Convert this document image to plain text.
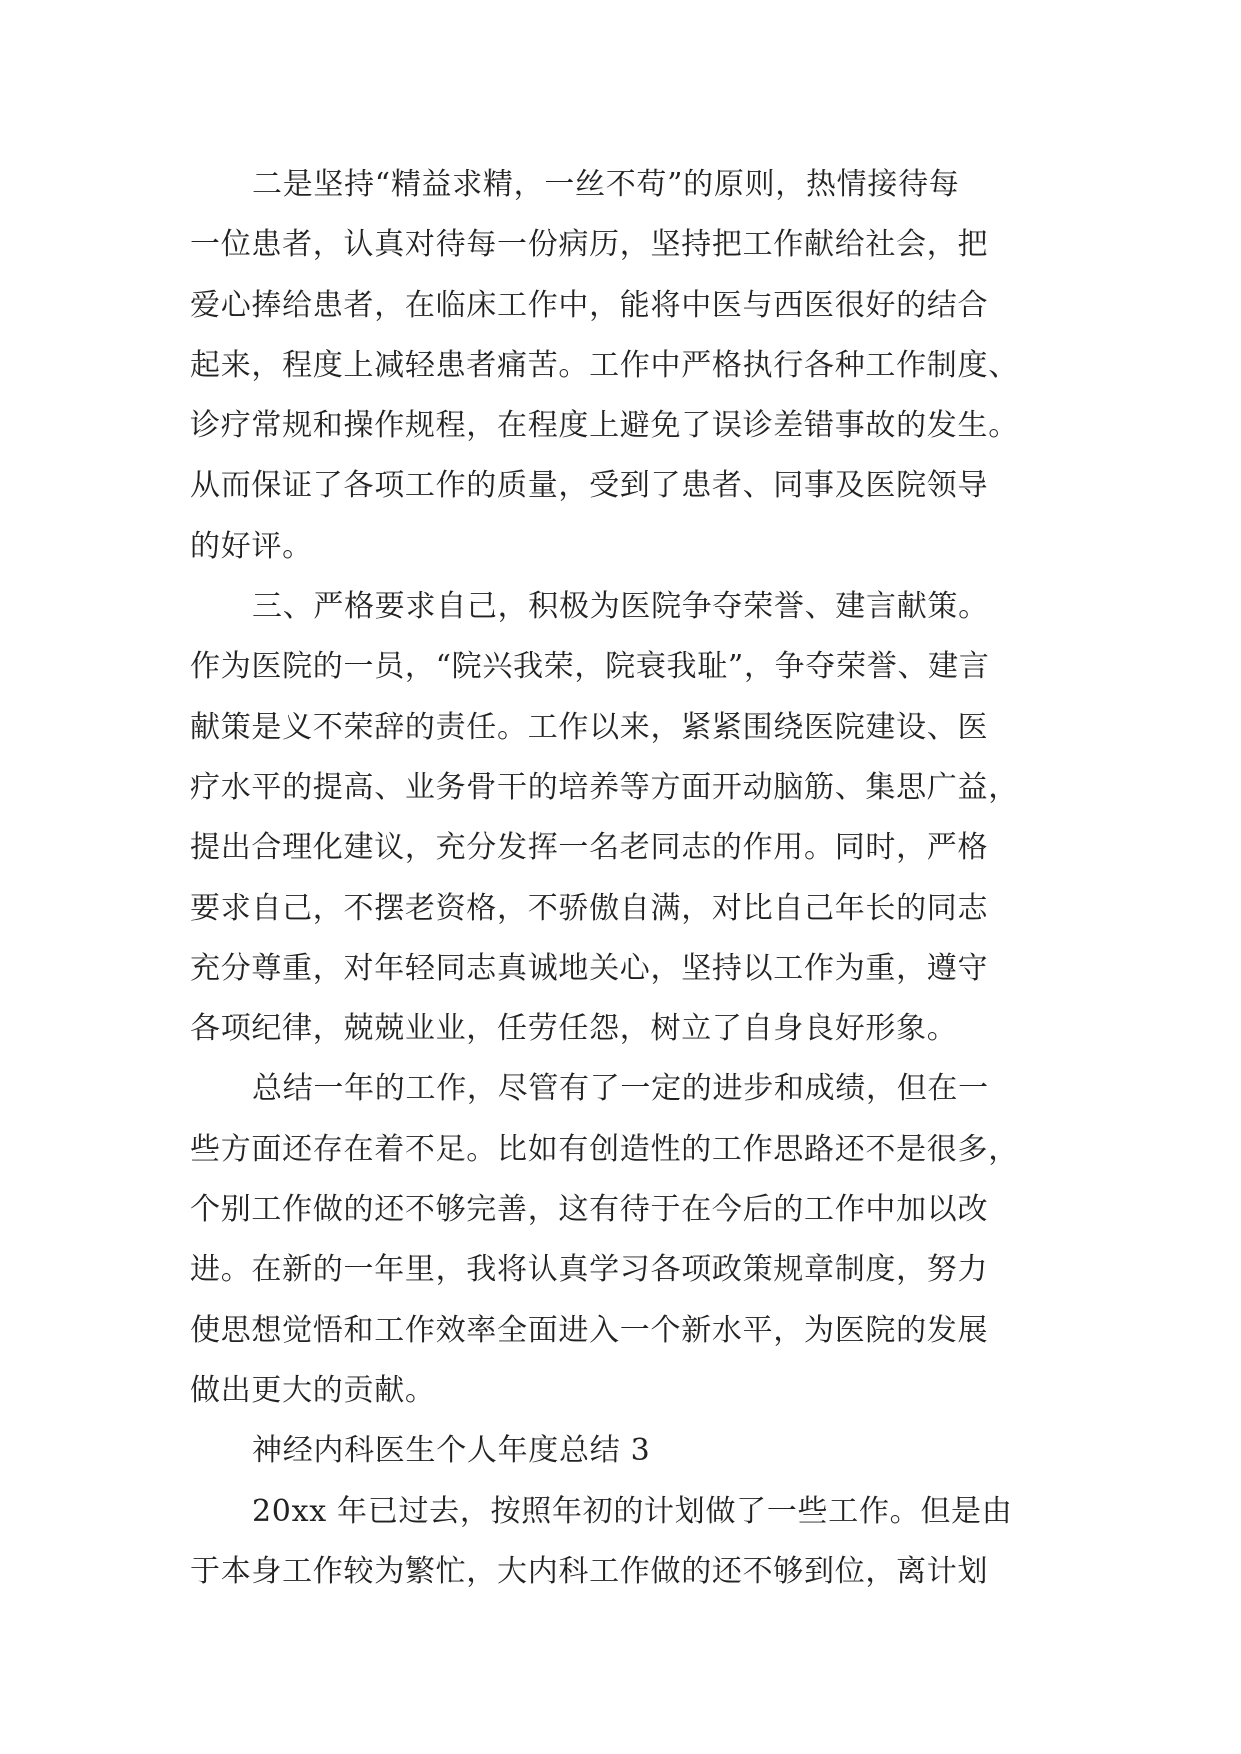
二是坚持“精益求精，一丝不苟”的原则，热情接待每
一位患者，认真对待每一份病历，坚持把工作献给社会，把
爱心捧给患者，在临床工作中，能将中医与西医很好的结合
起来，程度上减轻患者痛苦。工作中严格执行各种工作制度、
诊疗常规和操作规程，在程度上避免了误诊差错事故的发生。
从而保证了各项工作的质量，受到了患者、同事及医院领导
的好评。
三、严格要求自己，积极为医院争夺荣誉、建言献策。
作为医院的一员，“院兴我荣，院衰我耻”，争夺荣誉、建言
献策是义不荣辞的责任。工作以来，紧紧围绕医院建设、医
疗水平的提高、业务骨干的培养等方面开动脑筋、集思广益，
提出合理化建议，充分发挥一名老同志的作用。同时，严格
要求自己，不摆老资格，不骄傲自满，对比自己年长的同志
充分尊重，对年轻同志真诚地关心，坚持以工作为重，遵守
各项纪律，兢兢业业，任劳任怨，树立了自身良好形象。
总结一年的工作，尽管有了一定的进步和成绩，但在一
些方面还存在着不足。比如有创造性的工作思路还不是很多，
个别工作做的还不够完善，这有待于在今后的工作中加以改
进。在新的一年里，我将认真学习各项政策规章制度，努力
使思想觉悟和工作效率全面进入一个新水平，为医院的发展
做出更大的贡献。
神经内科医生个人年度总结 3
20xx 年已过去，按照年初的计划做了一些工作。但是由
于本身工作较为繁忙，大内科工作做的还不够到位，离计划
